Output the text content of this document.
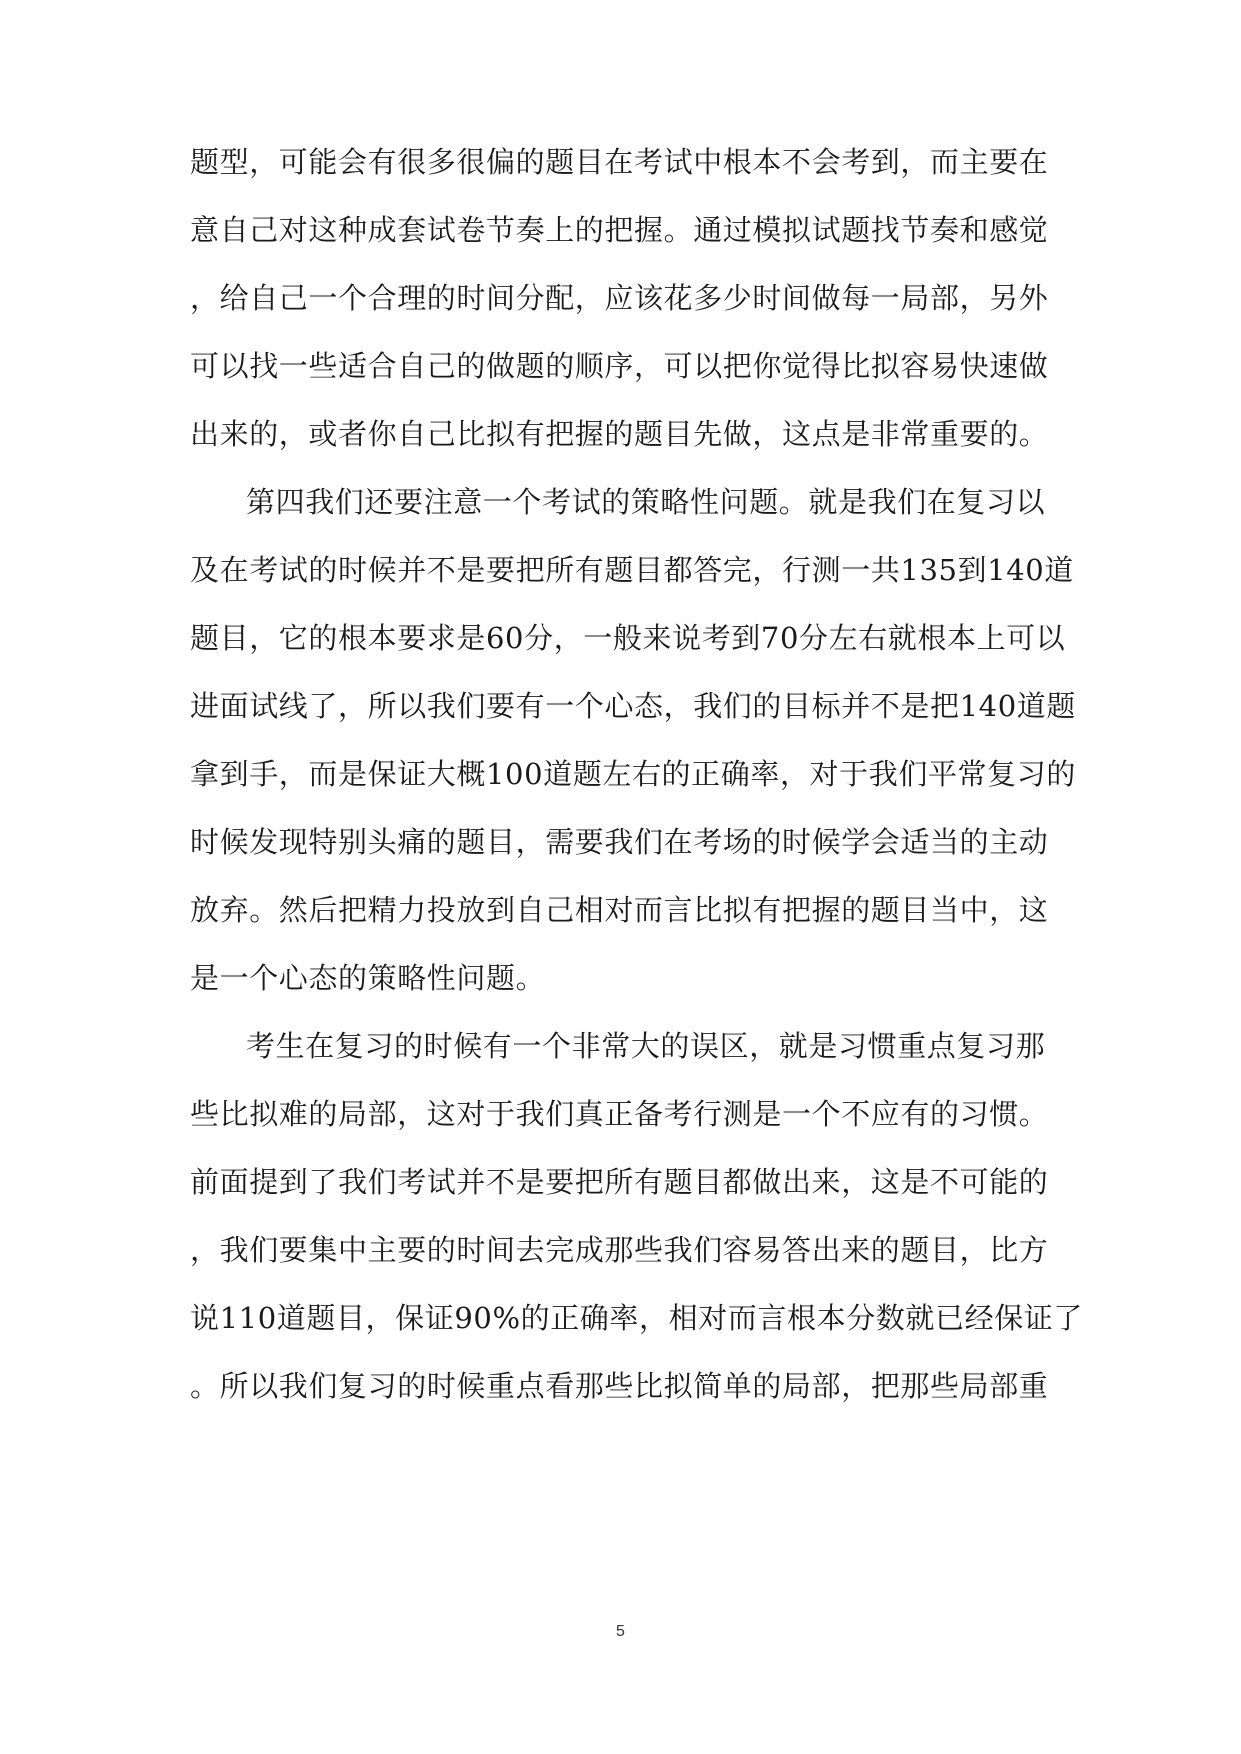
题型，可能会有很多很偏的题目在考试中根本不会考到，而主要在
意自己对这种成套试卷节奏上的把握。通过模拟试题找节奏和感觉
，给自己一个合理的时间分配，应该花多少时间做每一局部，另外
可以找一些适合自己的做题的顺序，可以把你觉得比拟容易快速做
出来的，或者你自己比拟有把握的题目先做，这点是非常重要的。
第四我们还要注意一个考试的策略性问题。就是我们在复习以
及在考试的时候并不是要把所有题目都答完，行测一共135到140道
题目，它的根本要求是60分，一般来说考到70分左右就根本上可以
进面试线了，所以我们要有一个心态，我们的目标并不是把140道题
拿到手，而是保证大概100道题左右的正确率，对于我们平常复习的
时候发现特别头痛的题目，需要我们在考场的时候学会适当的主动
放弃。然后把精力投放到自己相对而言比拟有把握的题目当中，这
是一个心态的策略性问题。
考生在复习的时候有一个非常大的误区，就是习惯重点复习那
些比拟难的局部，这对于我们真正备考行测是一个不应有的习惯。
前面提到了我们考试并不是要把所有题目都做出来，这是不可能的
，我们要集中主要的时间去完成那些我们容易答出来的题目，比方
说110道题目，保证90%的正确率，相对而言根本分数就已经保证了
。所以我们复习的时候重点看那些比拟简单的局部，把那些局部重
5
